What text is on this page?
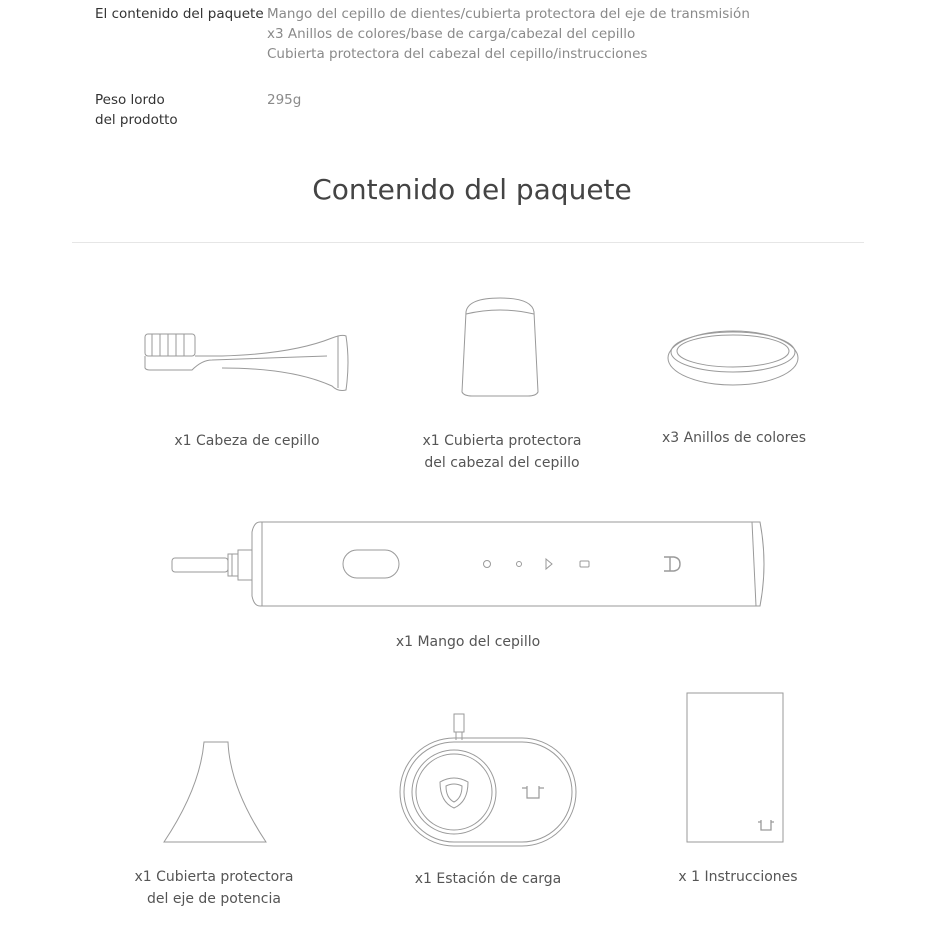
El contenido del paquete Mango del cepillo de dientes/cubierta protectora del eje de transmisión
x3 Anillos de colores/base de carga/cabezal del cepillo
Cubierta protectora del cabezal del cepillo/instrucciones
Peso lordo
del prodotto
295g
Contenido del paquete
x1 Cabeza de cepillo	x1 Cubierta protectora
del cabezal del cepillo
x3 Anillos de colores
x1 Mango del cepillo
x1 Cubierta protectora
del eje de potencia
x1 Estación de carga	x 1 Instrucciones
